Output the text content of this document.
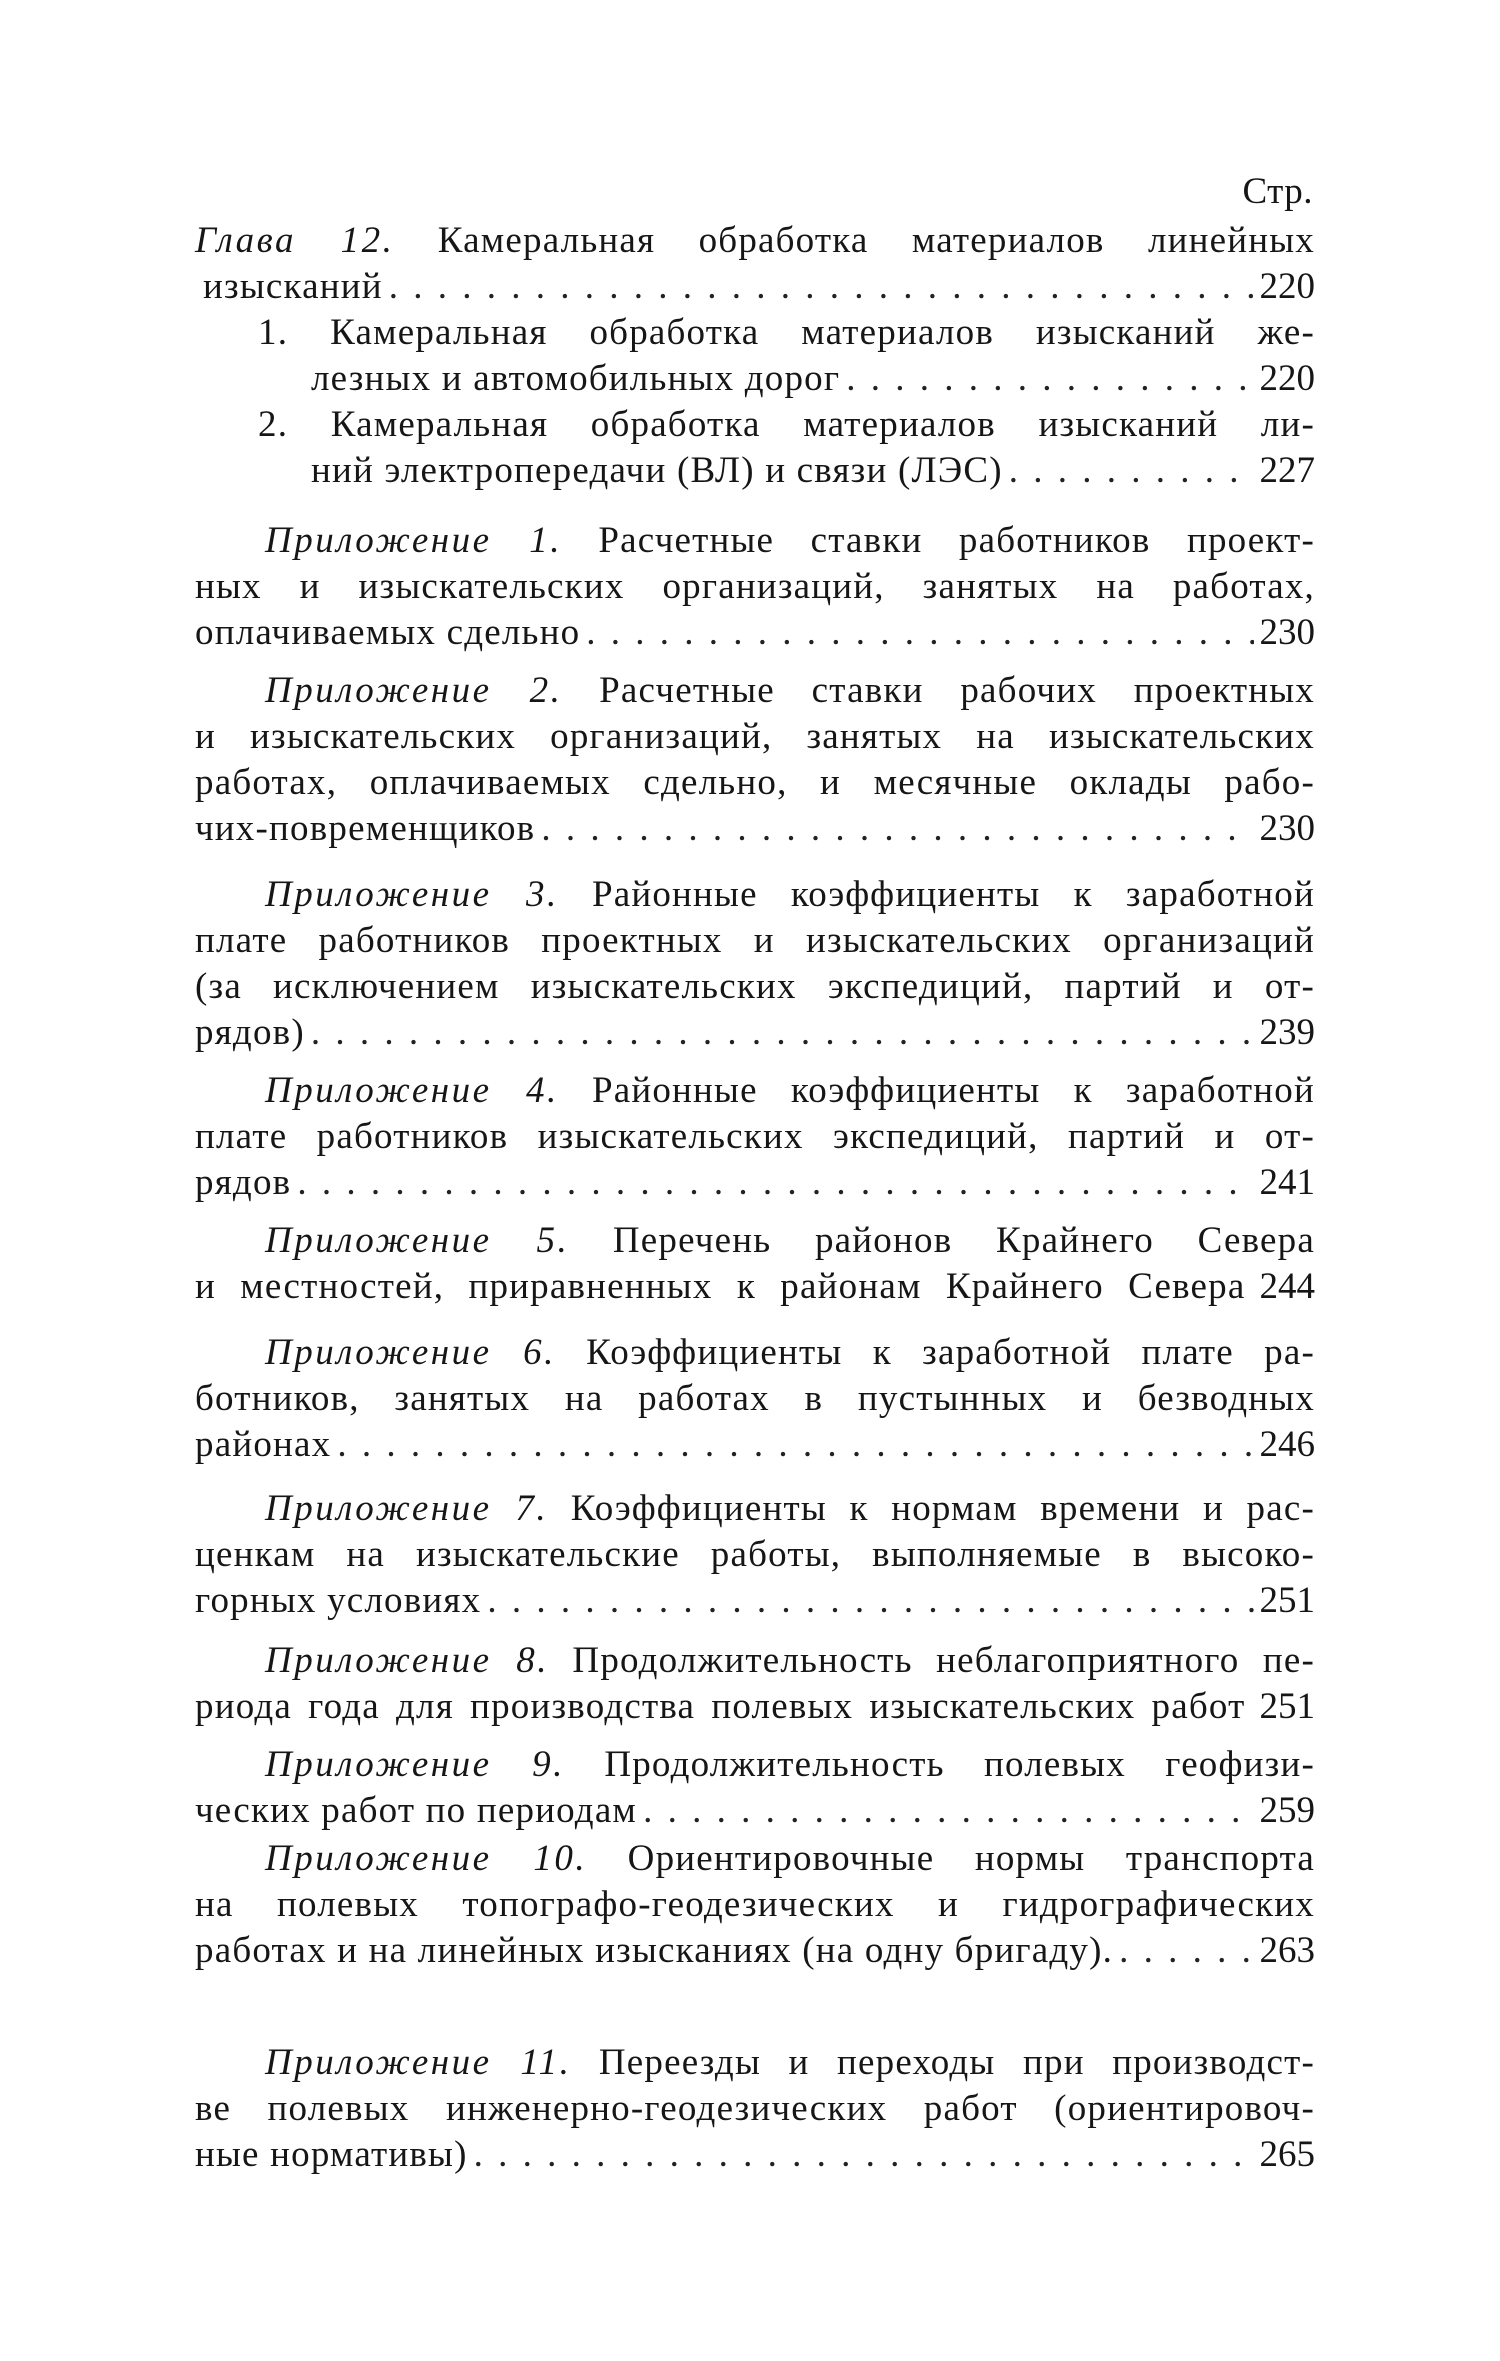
Стр.
Глава 12. Камеральная обработка материалов линейных
изысканий . . .	220
1. Камеральная обработка материалов изысканий же-
лезных и автомобильных дорог . . .	220
2. Камеральная обработка материалов изысканий ли-
ний электропередачи (ВЛ) и связи (ЛЭС) . . .	227
Приложение 1. Расчетные ставки работников проект-
ных и изыскательских организаций, занятых на работах,
оплачиваемых сдельно . . .	230
Приложение 2. Расчетные ставки рабочих проектных
и изыскательских организаций, занятых на изыскательских
работах, оплачиваемых сдельно, и месячные оклады рабо-
чих-повременщиков . . .	230
Приложение 3. Районные коэффициенты к заработной
плате работников проектных и изыскательских организаций
(за исключением изыскательских экспедиций, партий и от-
рядов) . . .	239
Приложение 4. Районные коэффициенты к заработной
плате работников изыскательских экспедиций, партий и от-
рядов . . .	241
Приложение 5. Перечень районов Крайнего Севера
и местностей, приравненных к районам Крайнего Севера 244
Приложение 6. Коэффициенты к заработной плате ра-
ботников, занятых на работах в пустынных и безводных
районах . . .	246
Приложение 7. Коэффициенты к нормам времени и рас-
ценкам на изыскательские работы, выполняемые в высоко-
горных условиях . . .	251
Приложение 8. Продолжительность неблагоприятного пе-
риода года для производства полевых изыскательских работ 251
Приложение 9. Продолжительность полевых геофизи-
ческих работ по периодам . . .	259
Приложение 10. Ориентировочные нормы транспорта
на полевых топографо-геодезических и гидрографических
работах и на линейных изысканиях (на одну бригаду). . . .	263
Приложение 11. Переезды и переходы при производст-
ве полевых инженерно-геодезических работ (ориентировоч-
ные нормативы) . . .	265
